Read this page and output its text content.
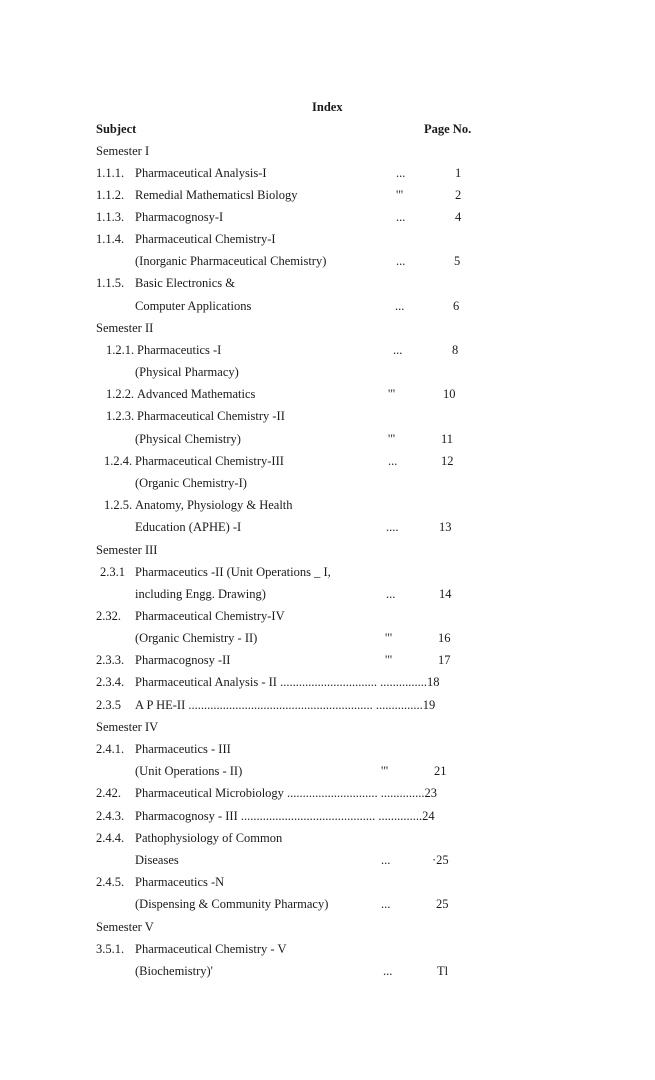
Index
Subject	Page No.
Semester I
1.1.1. Pharmaceutical Analysis-I	...	1
1.1.2. Remedial Mathematicsl Biology	'"	2
1.1.3. Pharmacognosy-I	...	4
1.1.4. Pharmaceutical Chemistry-I
(Inorganic Pharmaceutical Chemistry)	...	5
1.1.5. Basic Electronics &
Computer Applications	...	6
Semester II
1.2.1. Pharmaceutics -I	...	8
(Physical Pharmacy)
1.2.2. Advanced Mathematics	'"	10
1.2.3. Pharmaceutical Chemistry -II
(Physical Chemistry)	'"	11
1.2.4. Pharmaceutical Chemistry-III	...	12
(Organic Chemistry-I)
1.2.5. Anatomy, Physiology & Health
Education (APHE) -I	....	13
Semester III
2.3.1 Pharmaceutics -II (Unit Operations _ I,
including Engg. Drawing)	...	14
2.32. Pharmaceutical Chemistry-IV
(Organic Chemistry - II)	'"	16
2.3.3. Pharmacognosy -II	'"	17
2.3.4. Pharmaceutical Analysis - II ............................... ...............18
2.3.5 A P HE-II ........................................................... ...............19
Semester IV
2.4.1. Pharmaceutics - III
(Unit Operations - II)	'"	21
2.42. Pharmaceutical Microbiology ............................. ..............23
2.4.3. Pharmacognosy - III ........................................... ..............24
2.4.4. Pathophysiology of Common
Diseases	...	·25
2.4.5. Pharmaceutics -N
(Dispensing & Community Pharmacy)	...	25
Semester V
3.5.1. Pharmaceutical Chemistry - V
(Biochemistry)'	...	Tl
